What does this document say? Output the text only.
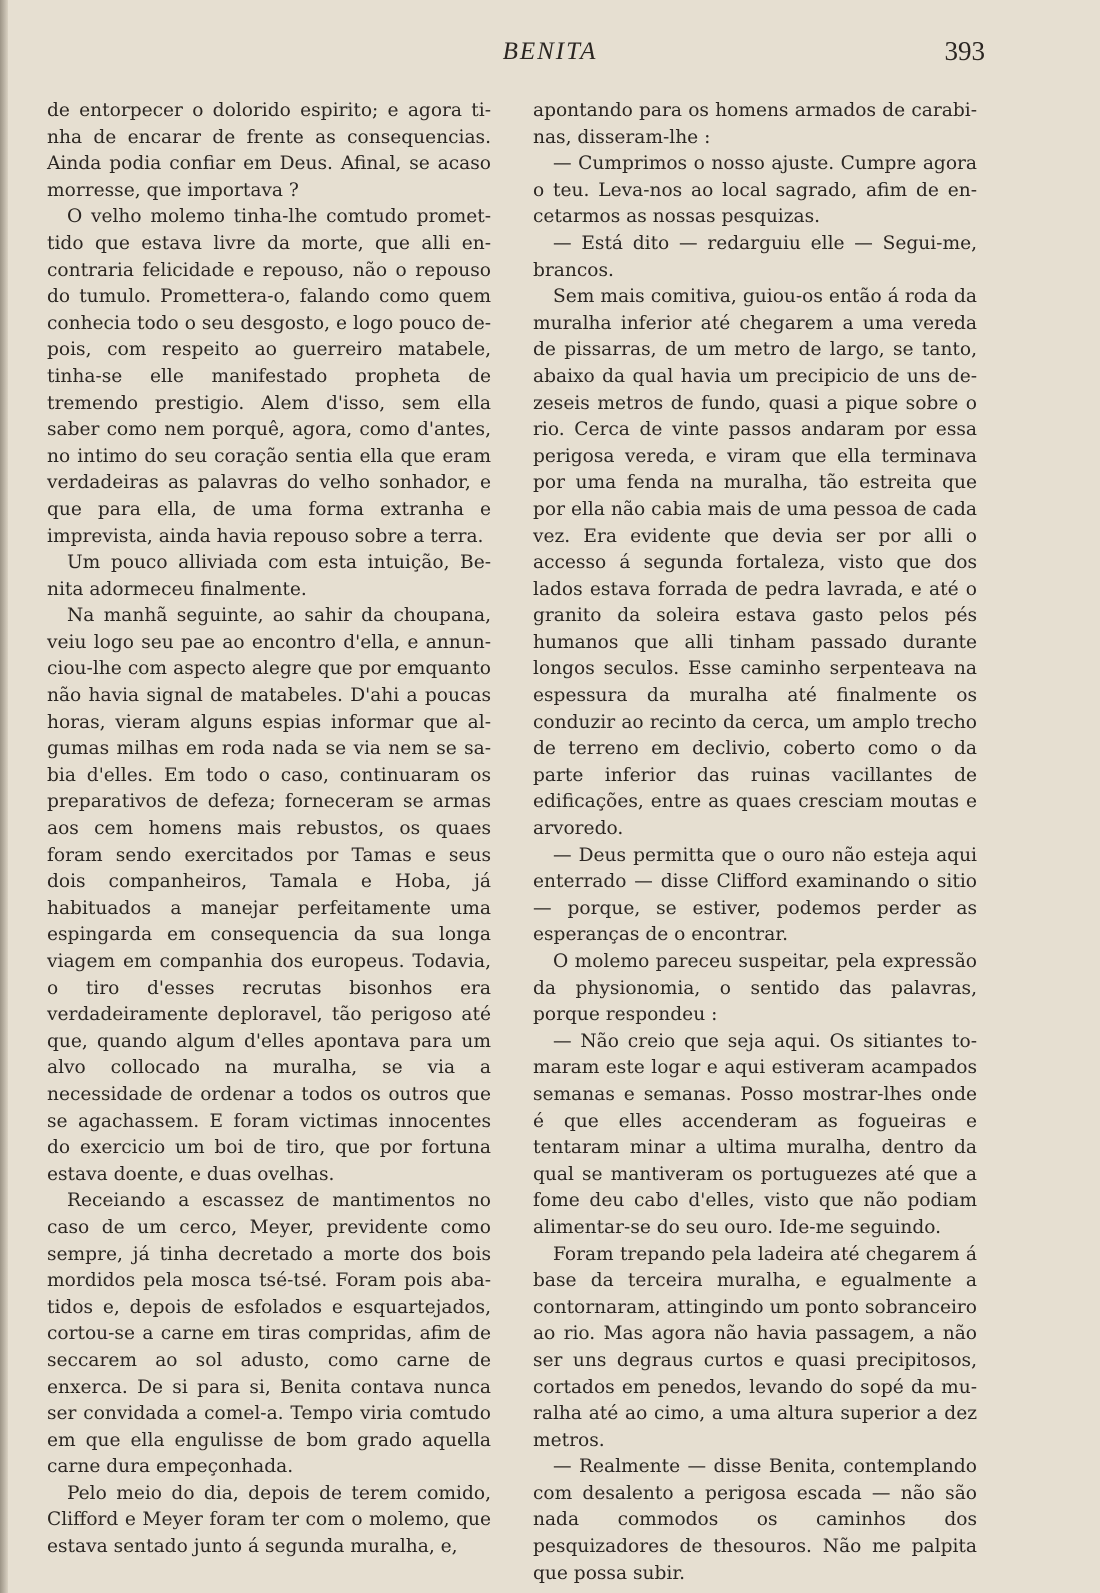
BENITA	393

de entorpecer o dolorido espirito; e agora tinha de encarar de frente as consequencias. Ainda podia confiar em Deus. Afinal, se acaso morresse, que importava ?

O velho molemo tinha-lhe comtudo promettido que estava livre da morte, que alli encontraria felicidade e repouso, não o repouso do tumulo. Promettera-o, falando como quem conhecia todo o seu desgosto, e logo pouco depois, com respeito ao guerreiro matabele, tinha-se elle manifestado propheta de tremendo prestigio. Alem d'isso, sem ella saber como nem porquê, agora, como d'antes, no intimo do seu coração sentia ella que eram verdadeiras as palavras do velho sonhador, e que para ella, de uma forma extranha e imprevista, ainda havia repouso sobre a terra.

Um pouco alliviada com esta intuição, Benita adormeceu finalmente.

Na manhã seguinte, ao sahir da choupana, veiu logo seu pae ao encontro d'ella, e annunciou-lhe com aspecto alegre que por emquanto não havia signal de matabeles. D'ahi a poucas horas, vieram alguns espias informar que algumas milhas em roda nada se via nem se sabia d'elles. Em todo o caso, continuaram os preparativos de defeza; forneceram se armas aos cem homens mais rebustos, os quaes foram sendo exercitados por Tamas e seus dois companheiros, Tamala e Hoba, já habituados a manejar perfeitamente uma espingarda em consequencia da sua longa viagem em companhia dos europeus. Todavia, o tiro d'esses recrutas bisonhos era verdadeiramente deploravel, tão perigoso até que, quando algum d'elles apontava para um alvo collocado na muralha, se via a necessidade de ordenar a todos os outros que se agachassem. E foram victimas innocentes do exercicio um boi de tiro, que por fortuna estava doente, e duas ovelhas.

Receiando a escassez de mantimentos no caso de um cerco, Meyer, previdente como sempre, já tinha decretado a morte dos bois mordidos pela mosca tsé-tsé. Foram pois abatidos e, depois de esfolados e esquartejados, cortou-se a carne em tiras compridas, afim de seccarem ao sol adusto, como carne de enxerca. De si para si, Benita contava nunca ser convidada a comel-a. Tempo viria comtudo em que ella engulisse de bom grado aquella carne dura empeçonhada.

Pelo meio do dia, depois de terem comido, Clifford e Meyer foram ter com o molemo, que estava sentado junto á segunda muralha, e,

apontando para os homens armados de carabinas, disseram-lhe :

— Cumprimos o nosso ajuste. Cumpre agora o teu. Leva-nos ao local sagrado, afim de encetarmos as nossas pesquizas.

— Está dito — redarguiu elle — Segui-me, brancos.

Sem mais comitiva, guiou-os então á roda da muralha inferior até chegarem a uma vereda de pissarras, de um metro de largo, se tanto, abaixo da qual havia um precipicio de uns dezeseis metros de fundo, quasi a pique sobre o rio. Cerca de vinte passos andaram por essa perigosa vereda, e viram que ella terminava por uma fenda na muralha, tão estreita que por ella não cabia mais de uma pessoa de cada vez. Era evidente que devia ser por alli o accesso á segunda fortaleza, visto que dos lados estava forrada de pedra lavrada, e até o granito da soleira estava gasto pelos pés humanos que alli tinham passado durante longos seculos. Esse caminho serpenteava na espessura da muralha até finalmente os conduzir ao recinto da cerca, um amplo trecho de terreno em declivio, coberto como o da parte inferior das ruinas vacillantes de edificações, entre as quaes cresciam moutas e arvoredo.

— Deus permitta que o ouro não esteja aqui enterrado — disse Clifford examinando o sitio— porque, se estiver, podemos perder as esperanças de o encontrar.

O molemo pareceu suspeitar, pela expressão da physionomia, o sentido das palavras, porque respondeu :

— Não creio que seja aqui. Os sitiantes tomaram este logar e aqui estiveram acampados semanas e semanas. Posso mostrar-lhes onde é que elles accenderam as fogueiras e tentaram minar a ultima muralha, dentro da qual se mantiveram os portuguezes até que a fome deu cabo d'elles, visto que não podiam alimentar-se do seu ouro. Ide-me seguindo.

Foram trepando pela ladeira até chegarem á base da terceira muralha, e egualmente a contornaram, attingindo um ponto sobranceiro ao rio. Mas agora não havia passagem, a não ser uns degraus curtos e quasi precipitosos, cortados em penedos, levando do sopé da muralha até ao cimo, a uma altura superior a dez metros.

— Realmente — disse Benita, contemplando com desalento a perigosa escada — não são nada commodos os caminhos dos pesquizadores de thesouros. Não me palpita que possa subir.
